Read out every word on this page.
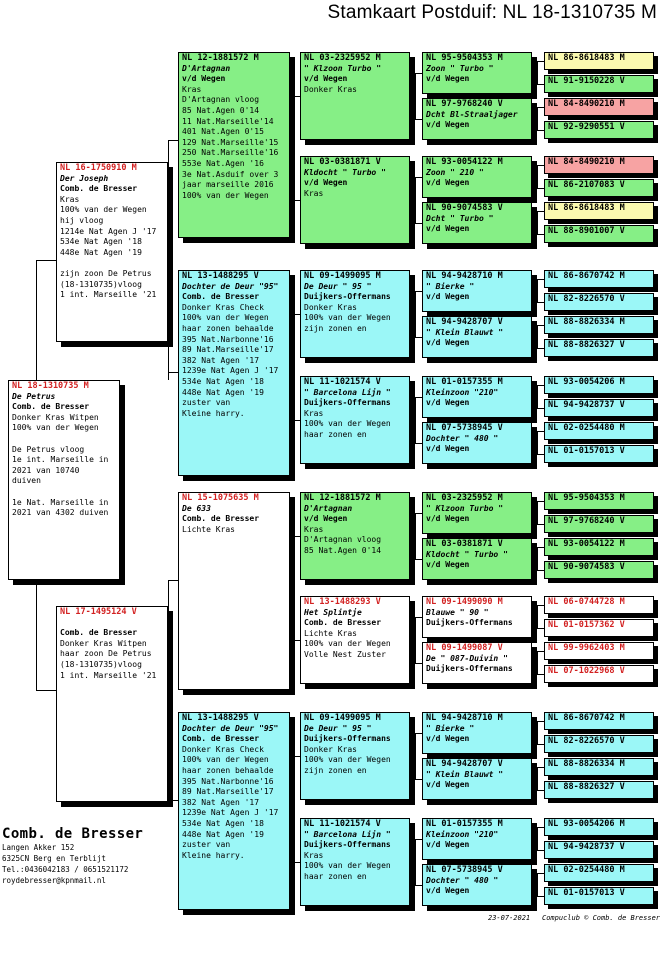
Stamkaart Postduif: NL 18-1310735 M
NL 18-1310735 M
De Petrus
Comb. de Bresser
Donker Kras Witpen
100% van der Wegen
De Petrus vloog
1e int. Marseille in
2021 van 10740
duiven
1e Nat. Marseille in
2021 van 4302 duiven
NL 16-1750910 M
Der Joseph
Comb. de Bresser
Kras
100% van der Wegen
hij vloog
1214e Nat Agen J '17
534e Nat Agen '18
448e Nat Agen '19
zijn zoon De Petrus
(18-1310735)vloog
1 int. Marseille '21
NL 17-1495124 V
Comb. de Bresser
Donker Kras Witpen
haar zoon De Petrus
(18-1310735)vloog
1 int. Marseille '21
NL 12-1881572 M
D'Artagnan
v/d Wegen
Kras
D'Artagnan vloog
85 Nat.Agen 0'14
11 Nat.Marseille'14
401 Nat.Agen 0'15
129 Nat.Marseille'15
250 Nat.Marseille'16
553e Nat.Agen '16
3e Nat.Asduif over 3
jaar marseille 2016
100% van der Wegen
NL 13-1488295 V
Dochter de Deur "95"
Comb. de Bresser
Donker Kras Check
100% van der Wegen
haar zonen behaalde
395 Nat.Narbonne'16
89 Nat.Marseille'17
382 Nat Agen '17
1239e Nat Agen J '17
534e Nat Agen '18
448e Nat Agen '19
zuster van
Kleine harry.
NL 15-1075635 M
De 633
Comb. de Bresser
Lichte Kras
NL 13-1488295 V
Dochter de Deur "95"
Comb. de Bresser
Donker Kras Check
100% van der Wegen
haar zonen behaalde
395 Nat.Narbonne'16
89 Nat.Marseille'17
382 Nat Agen '17
1239e Nat Agen J '17
534e Nat Agen '18
448e Nat Agen '19
zuster van
Kleine harry.
NL 03-2325952 M
" Klzoon Turbo "
v/d Wegen
Donker Kras
NL 03-0381871 V
Kldocht " Turbo "
v/d Wegen
Kras
NL 09-1499095 M
De Deur " 95 "
Duijkers-Offermans
Donker Kras
100% van der Wegen
zijn zonen en
NL 11-1021574 V
" Barcelona Lijn "
Duijkers-Offermans
Kras
100% van der Wegen
haar zonen en
NL 12-1881572 M
D'Artagnan
v/d Wegen
Kras
D'Artagnan vloog
85 Nat.Agen 0'14
NL 13-1488293 V
Het Splintje
Comb. de Bresser
Lichte Kras
100% van der Wegen
Volle Nest Zuster
NL 09-1499095 M
De Deur " 95 "
Duijkers-Offermans
Donker Kras
100% van der Wegen
zijn zonen en
NL 11-1021574 V
" Barcelona Lijn "
Duijkers-Offermans
Kras
100% van der Wegen
haar zonen en
NL 95-9504353 M
Zoon " Turbo "
v/d Wegen
NL 97-9768240 V
Dcht Bl-Straaljager
v/d Wegen
NL 93-0054122 M
Zoon " 210 "
v/d Wegen
NL 90-9074583 V
Dcht " Turbo "
v/d Wegen
NL 94-9428710 M
" Bierke "
v/d Wegen
NL 94-9428707 V
" Klein Blauwt "
v/d Wegen
NL 01-0157355 M
Kleinzoon "210"
v/d Wegen
NL 07-5738945 V
Dochter " 480 "
v/d Wegen
NL 03-2325952 M
" Klzoon Turbo "
v/d Wegen
NL 03-0381871 V
Kldocht " Turbo "
v/d Wegen
NL 09-1499090 M
Blauwe " 90 "
Duijkers-Offermans
NL 09-1499087 V
De " 087-Duivin "
Duijkers-Offermans
NL 94-9428710 M
" Bierke "
v/d Wegen
NL 94-9428707 V
" Klein Blauwt "
v/d Wegen
NL 01-0157355 M
Kleinzoon "210"
v/d Wegen
NL 07-5738945 V
Dochter " 480 "
v/d Wegen
NL 86-8618483 M
NL 91-9150228 V
NL 84-8490210 M
NL 92-9290551 V
NL 84-8490210 M
NL 86-2107083 V
NL 86-8618483 M
NL 88-8901007 V
NL 86-8670742 M
NL 82-8226570 V
NL 88-8826334 M
NL 88-8826327 V
NL 93-0054206 M
NL 94-9428737 V
NL 02-0254480 M
NL 01-0157013 V
NL 95-9504353 M
NL 97-9768240 V
NL 93-0054122 M
NL 90-9074583 V
NL 06-0744728 M
NL 01-0157362 V
NL 99-9962403 M
NL 07-1022968 V
NL 86-8670742 M
NL 82-8226570 V
NL 88-8826334 M
NL 88-8826327 V
NL 93-0054206 M
NL 94-9428737 V
NL 02-0254480 M
NL 01-0157013 V
Comb. de Bresser
Langen Akker 152
6325CN Berg en Terblijt
Tel.:0436042183 / 0651521172
roydebresser@kpnmail.nl
23-07-2021 Compuclub © Comb. de Bresser
